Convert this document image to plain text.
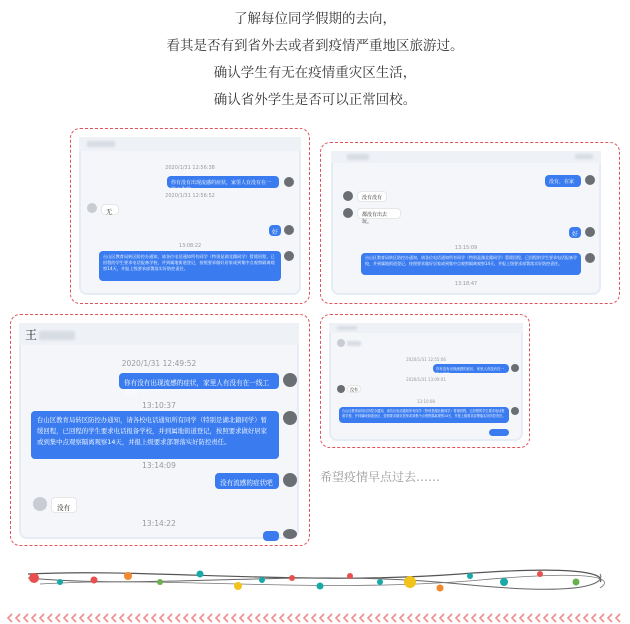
了解每位同学假期的去向，

看其是否有到省外去或者到疫情严重地区旅游过。

确认学生有无在疫情重灾区生活，

确认省外学生是否可以正常回校。

2020/1/31 12:56:38
你有没有出现流感的症状，家里人有没有在一线工作的
2020/1/31 12:56:52
无
好
13:08:22
台山区教育局转区防控办通知，请各位电话通知所有同学（特别是湖北籍同学）暂缓回程，已回程的学生要求电话报备学校，并到属地街道登记，按照要求做好居家或到集中点观察隔离观察14天，并报上级要求部署落实好防控责任。
没有，在家
没有没有
都没有出去玩。
好
13:15:09
台山区教育局转区防控办通知，请各位电话通知所有同学（特别是湖北籍同学）暂缓回程，已回程的学生要求电话报备学校，并到属地街道登记，按照要求做好居家或到集中点观察隔离观察14天，并报上级要求部署落实好防控责任。
13:18:47
王
2020/1/31 12:49:52
你有没有出现流感的症状，家里人有没有在一线工作的
13:10:37
台山区教育局转区防控办通知，请各校电话通知所有同学（特别是湖北籍同学）暂缓回程，已回程的学生要求电话报备学校，并到属地街道登记，按照要求做好居家或到集中点观察隔离观察14天，并报上级要求部署落实好防控责任。
13:14:09
没有流感的症状吧
没有
13:14:22
2020/1/31 12:55:06
你有没有出现流感的症状，家里人有没有在一线工作的
2020/1/31 13:09:01
没有
13:10:08
台山区教育局转区防控办通知，请各位电话通知所有同学（特别是湖北籍同学）暂缓回程，已回程的学生要求电话报备学校，并到属地街道登记，按照要求做好居家或到集中点观察隔离观察14天，并报上级要求部署落实好防控责任。
希望疫情早点过去……
